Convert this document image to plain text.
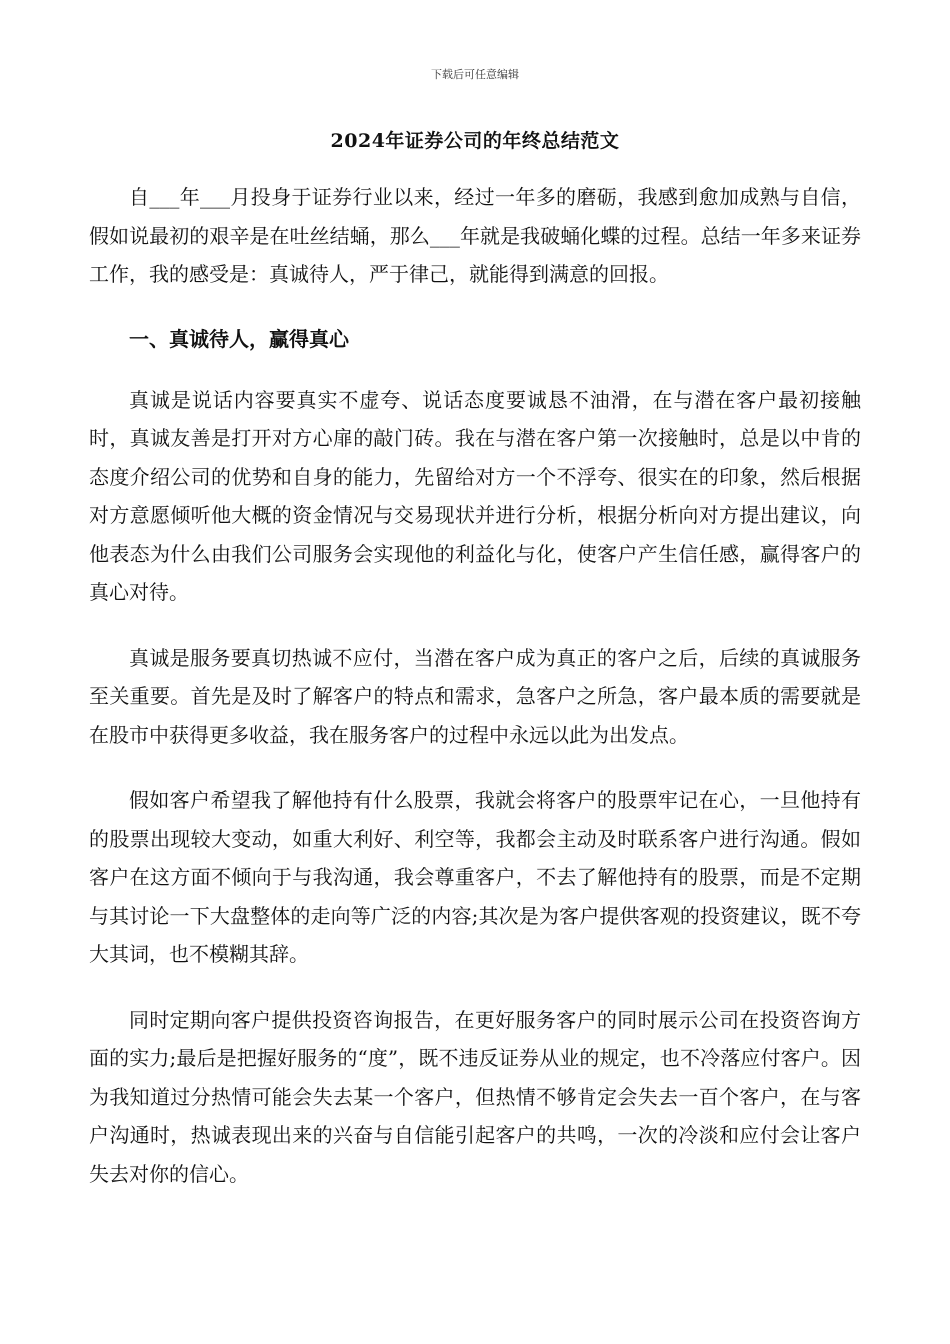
下载后可任意编辑
2024年证券公司的年终总结范文

自___年___月投身于证券行业以来，经过一年多的磨砺，我感到愈加成熟与自信，假如说最初的艰辛是在吐丝结蛹，那么___年就是我破蛹化蝶的过程。总结一年多来证券工作，我的感受是：真诚待人，严于律己，就能得到满意的回报。

一、真诚待人，赢得真心

真诚是说话内容要真实不虚夸、说话态度要诚恳不油滑，在与潜在客户最初接触时，真诚友善是打开对方心扉的敲门砖。我在与潜在客户第一次接触时，总是以中肯的态度介绍公司的优势和自身的能力，先留给对方一个不浮夸、很实在的印象，然后根据对方意愿倾听他大概的资金情况与交易现状并进行分析，根据分析向对方提出建议，向他表态为什么由我们公司服务会实现他的利益化与化，使客户产生信任感，赢得客户的真心对待。

真诚是服务要真切热诚不应付，当潜在客户成为真正的客户之后，后续的真诚服务至关重要。首先是及时了解客户的特点和需求，急客户之所急，客户最本质的需要就是在股市中获得更多收益，我在服务客户的过程中永远以此为出发点。

假如客户希望我了解他持有什么股票，我就会将客户的股票牢记在心，一旦他持有的股票出现较大变动，如重大利好、利空等，我都会主动及时联系客户进行沟通。假如客户在这方面不倾向于与我沟通，我会尊重客户，不去了解他持有的股票，而是不定期与其讨论一下大盘整体的走向等广泛的内容;其次是为客户提供客观的投资建议，既不夸大其词，也不模糊其辞。

同时定期向客户提供投资咨询报告，在更好服务客户的同时展示公司在投资咨询方面的实力;最后是把握好服务的“度”，既不违反证券从业的规定，也不冷落应付客户。因为我知道过分热情可能会失去某一个客户，但热情不够肯定会失去一百个客户，在与客户沟通时，热诚表现出来的兴奋与自信能引起客户的共鸣，一次的冷淡和应付会让客户失去对你的信心。
